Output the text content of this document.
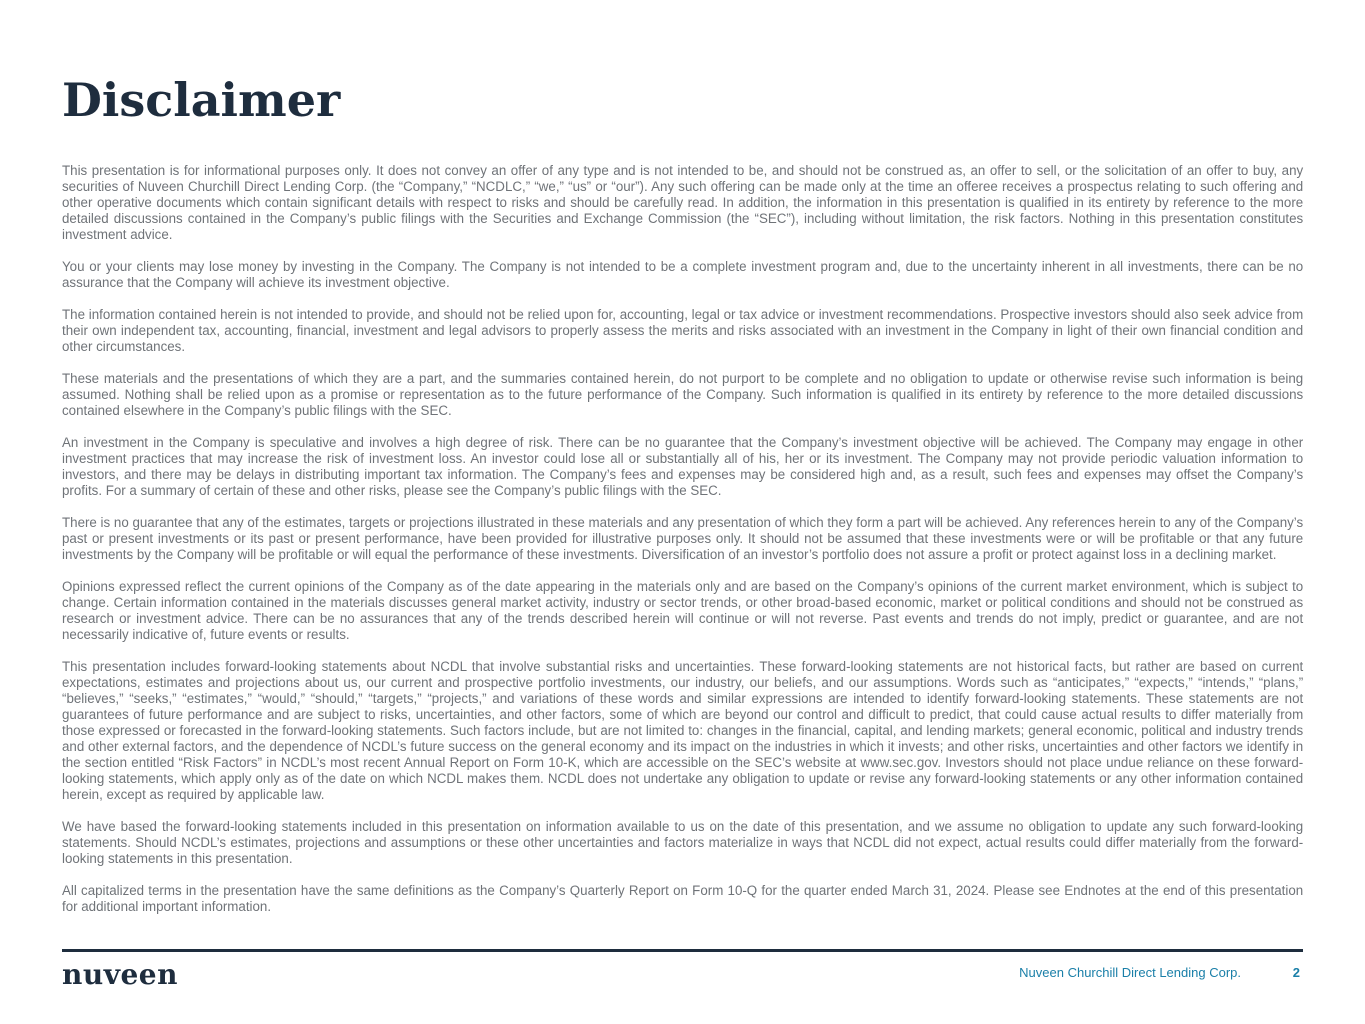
Disclaimer

This presentation is for informational purposes only. It does not convey an offer of any type and is not intended to be, and should not be construed as, an offer to sell, or the solicitation of an offer to buy, any securities of Nuveen Churchill Direct Lending Corp. (the “Company,” “NCDLC,” “we,” “us” or “our”). Any such offering can be made only at the time an offeree receives a prospectus relating to such offering and other operative documents which contain significant details with respect to risks and should be carefully read. In addition, the information in this presentation is qualified in its entirety by reference to the more detailed discussions contained in the Company’s public filings with the Securities and Exchange Commission (the “SEC”), including without limitation, the risk factors. Nothing in this presentation constitutes investment advice.

You or your clients may lose money by investing in the Company. The Company is not intended to be a complete investment program and, due to the uncertainty inherent in all investments, there can be no assurance that the Company will achieve its investment objective.

The information contained herein is not intended to provide, and should not be relied upon for, accounting, legal or tax advice or investment recommendations. Prospective investors should also seek advice from their own independent tax, accounting, financial, investment and legal advisors to properly assess the merits and risks associated with an investment in the Company in light of their own financial condition and other circumstances.

These materials and the presentations of which they are a part, and the summaries contained herein, do not purport to be complete and no obligation to update or otherwise revise such information is being assumed. Nothing shall be relied upon as a promise or representation as to the future performance of the Company. Such information is qualified in its entirety by reference to the more detailed discussions contained elsewhere in the Company’s public filings with the SEC.

An investment in the Company is speculative and involves a high degree of risk. There can be no guarantee that the Company’s investment objective will be achieved. The Company may engage in other investment practices that may increase the risk of investment loss. An investor could lose all or substantially all of his, her or its investment. The Company may not provide periodic valuation information to investors, and there may be delays in distributing important tax information. The Company’s fees and expenses may be considered high and, as a result, such fees and expenses may offset the Company’s profits. For a summary of certain of these and other risks, please see the Company’s public filings with the SEC.

There is no guarantee that any of the estimates, targets or projections illustrated in these materials and any presentation of which they form a part will be achieved. Any references herein to any of the Company’s past or present investments or its past or present performance, have been provided for illustrative purposes only. It should not be assumed that these investments were or will be profitable or that any future investments by the Company will be profitable or will equal the performance of these investments. Diversification of an investor’s portfolio does not assure a profit or protect against loss in a declining market.

Opinions expressed reflect the current opinions of the Company as of the date appearing in the materials only and are based on the Company’s opinions of the current market environment, which is subject to change. Certain information contained in the materials discusses general market activity, industry or sector trends, or other broad-based economic, market or political conditions and should not be construed as research or investment advice. There can be no assurances that any of the trends described herein will continue or will not reverse. Past events and trends do not imply, predict or guarantee, and are not necessarily indicative of, future events or results.

This presentation includes forward-looking statements about NCDL that involve substantial risks and uncertainties. These forward-looking statements are not historical facts, but rather are based on current expectations, estimates and projections about us, our current and prospective portfolio investments, our industry, our beliefs, and our assumptions. Words such as “anticipates,” “expects,” “intends,” “plans,” “believes,” “seeks,” “estimates,” “would,” “should,” “targets,” “projects,” and variations of these words and similar expressions are intended to identify forward-looking statements. These statements are not guarantees of future performance and are subject to risks, uncertainties, and other factors, some of which are beyond our control and difficult to predict, that could cause actual results to differ materially from those expressed or forecasted in the forward-looking statements. Such factors include, but are not limited to: changes in the financial, capital, and lending markets; general economic, political and industry trends and other external factors, and the dependence of NCDL’s future success on the general economy and its impact on the industries in which it invests; and other risks, uncertainties and other factors we identify in the section entitled “Risk Factors” in NCDL’s most recent Annual Report on Form 10-K, which are accessible on the SEC’s website at www.sec.gov. Investors should not place undue reliance on these forward-looking statements, which apply only as of the date on which NCDL makes them. NCDL does not undertake any obligation to update or revise any forward-looking statements or any other information contained herein, except as required by applicable law.

We have based the forward-looking statements included in this presentation on information available to us on the date of this presentation, and we assume no obligation to update any such forward-looking statements. Should NCDL’s estimates, projections and assumptions or these other uncertainties and factors materialize in ways that NCDL did not expect, actual results could differ materially from the forward-looking statements in this presentation.

All capitalized terms in the presentation have the same definitions as the Company’s Quarterly Report on Form 10-Q for the quarter ended March 31, 2024. Please see Endnotes at the end of this presentation for additional important information.

nuveen	Nuveen Churchill Direct Lending Corp.	2
